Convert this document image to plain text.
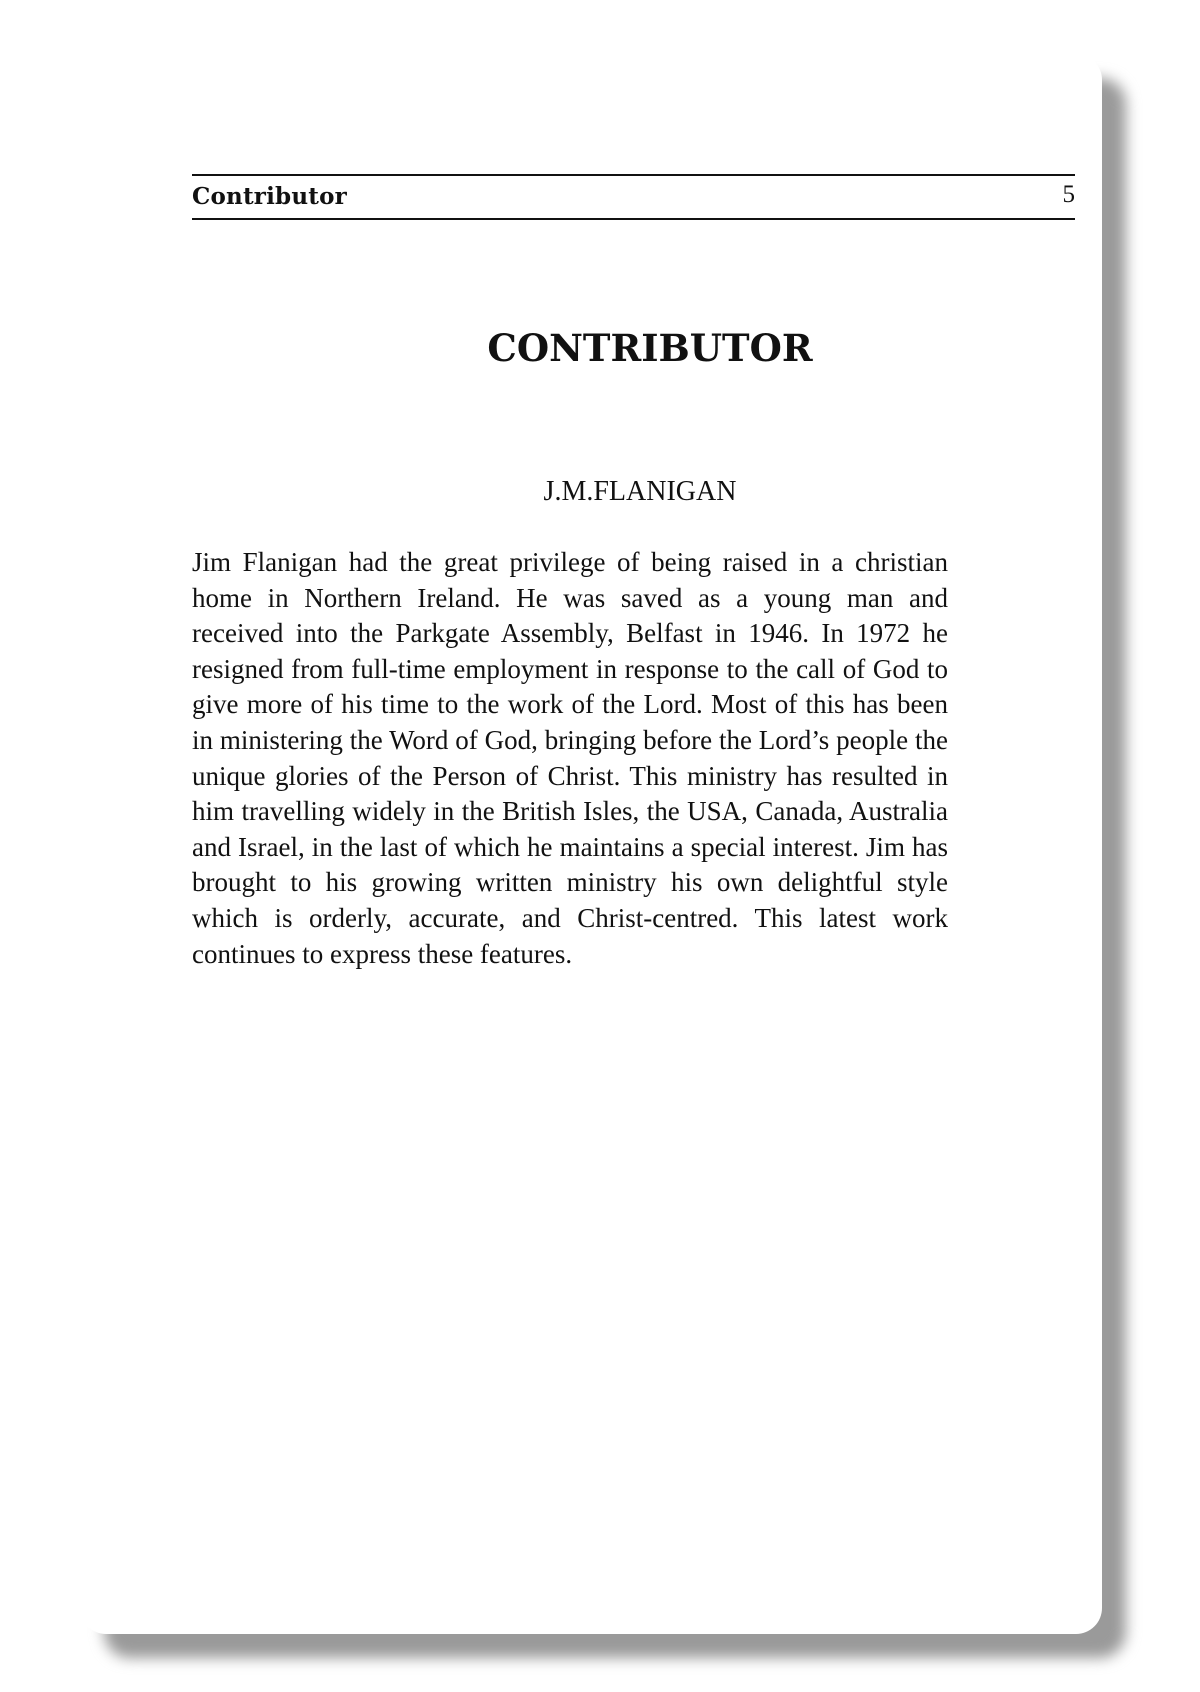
Contributor	5
CONTRIBUTOR
J.M.FLANIGAN

Jim Flanigan had the great privilege of being raised in a christian home in Northern Ireland. He was saved as a young man and received into the Parkgate Assembly, Belfast in 1946. In 1972 he resigned from full-time employment in response to the call of God to give more of his time to the work of the Lord. Most of this has been in ministering the Word of God, bringing before the Lord’s people the unique glories of the Person of Christ. This ministry has resulted in him travelling widely in the British Isles, the USA, Canada, Australia and Israel, in the last of which he maintains a special interest. Jim has brought to his growing written ministry his own delightful style which is orderly, accurate, and Christ-centred. This latest work continues to express these features.
